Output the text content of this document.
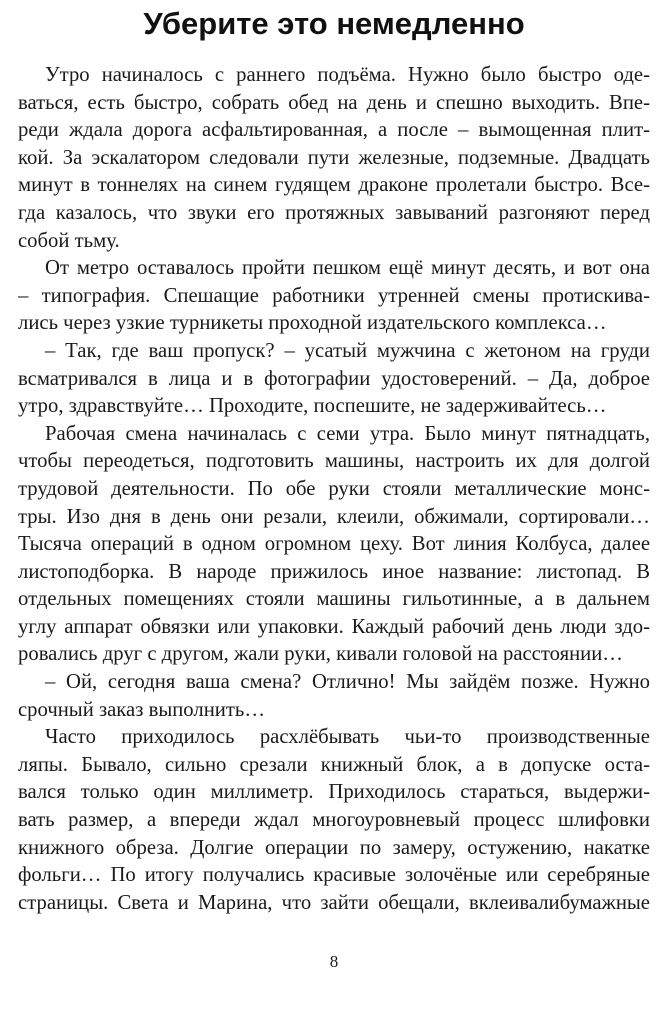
Уберите это немедленно
Утро начиналось с раннего подъёма. Нужно было быстро оде-
ваться, есть быстро, собрать обед на день и спешно выходить. Впе-
реди ждала дорога асфальтированная, а после – вымощенная плит-
кой. За эскалатором следовали пути железные, подземные. Двадцать
минут в тоннелях на синем гудящем драконе пролетали быстро. Все-
гда казалось, что звуки его протяжных завываний разгоняют перед
собой тьму.
От метро оставалось пройти пешком ещё минут десять, и вот она
– типография. Спешащие работники утренней смены протискива-
лись через узкие турникеты проходной издательского комплекса…
– Так, где ваш пропуск? – усатый мужчина с жетоном на груди
всматривался в лица и в фотографии удостоверений. – Да, доброе
утро, здравствуйте… Проходите, поспешите, не задерживайтесь…
Рабочая смена начиналась с семи утра. Было минут пятнадцать,
чтобы переодеться, подготовить машины, настроить их для долгой
трудовой деятельности. По обе руки стояли металлические монс-
тры. Изо дня в день они резали, клеили, обжимали, сортировали…
Тысяча операций в одном огромном цеху. Вот линия Колбуса, далее
листоподборка. В народе прижилось иное название: листопад. В
отдельных помещениях стояли машины гильотинные, а в дальнем
углу аппарат обвязки или упаковки. Каждый рабочий день люди здо-
ровались друг с другом, жали руки, кивали головой на расстоянии…
– Ой, сегодня ваша смена? Отлично! Мы зайдём позже. Нужно
срочный заказ выполнить…
Часто приходилось расхлёбывать чьи-то производственные
ляпы. Бывало, сильно срезали книжный блок, а в допуске оста-
вался только один миллиметр. Приходилось стараться, выдержи-
вать размер, а впереди ждал многоуровневый процесс шлифовки
книжного обреза. Долгие операции по замеру, остужению, накатке
фольги… По итогу получались красивые золочёные или серебряные
страницы. Света и Марина, что зайти обещали, вклеивалибумажные
8
